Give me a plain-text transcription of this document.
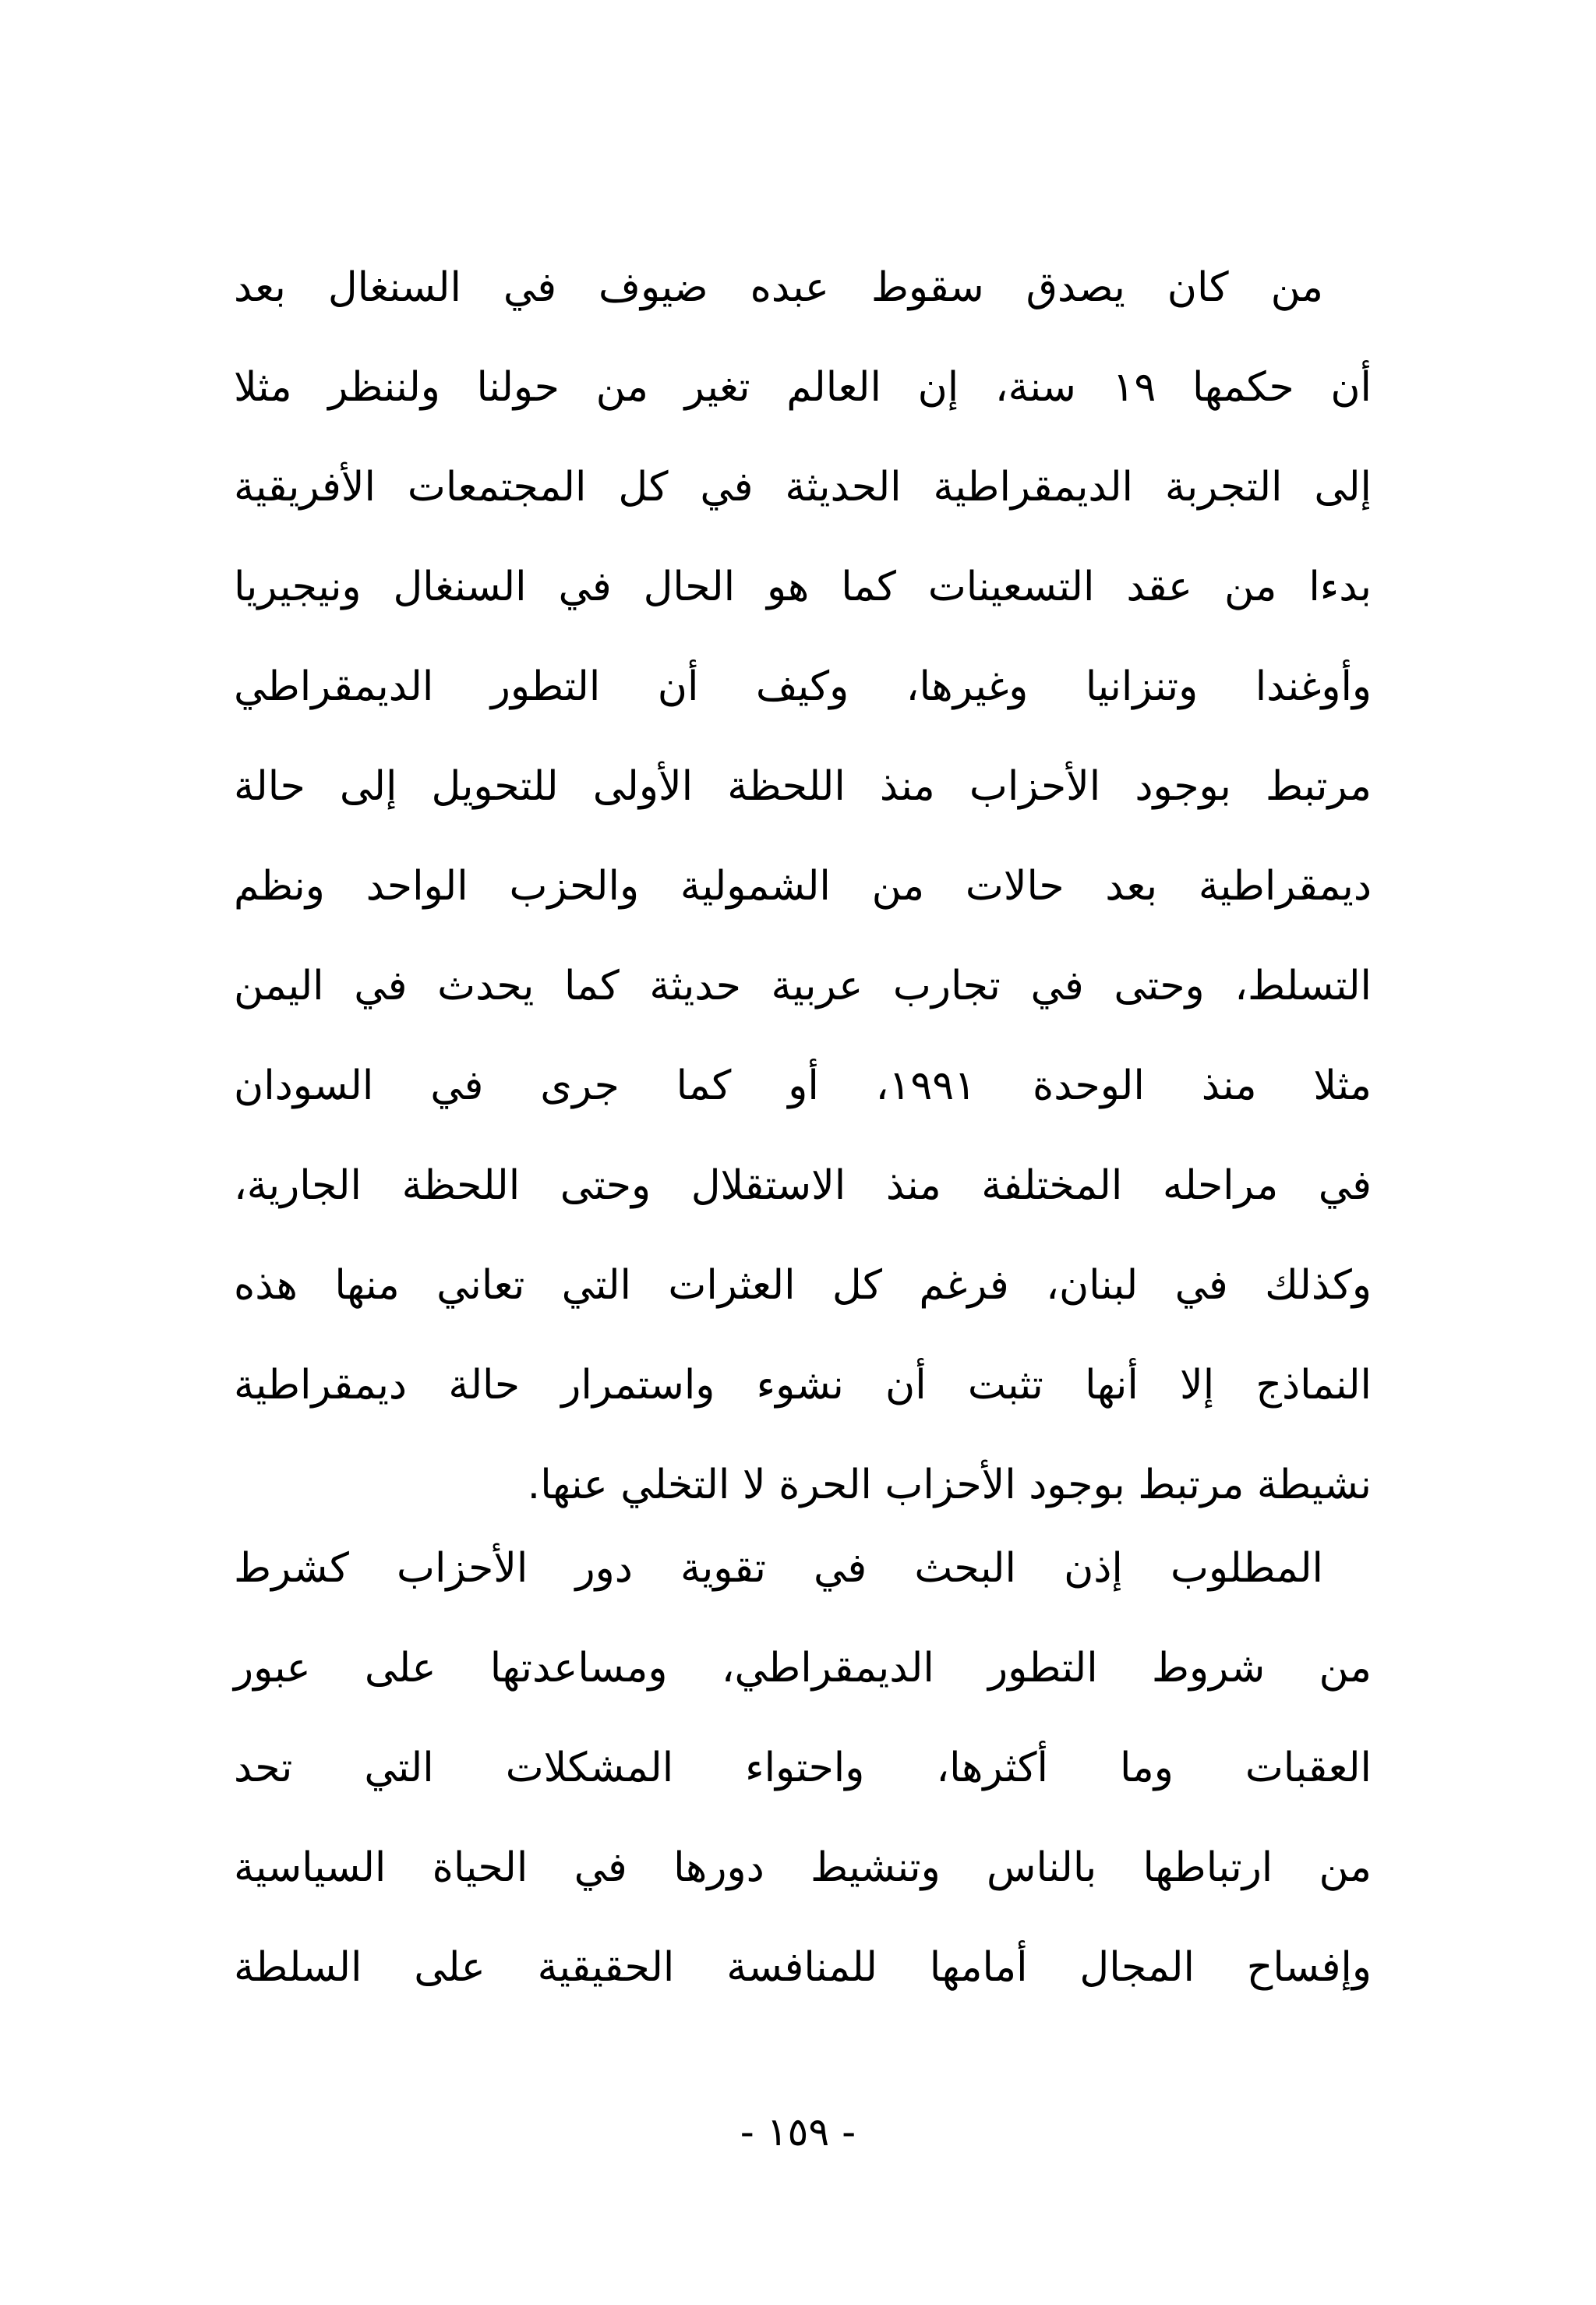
من كان يصدق سقوط عبده ضيوف في السنغال بعد
أن حكمها ١٩ سنة، إن العالم تغير من حولنا ولننظر مثلا
إلى التجربة الديمقراطية الحديثة في كل المجتمعات الأفريقية
بدءا من عقد التسعينات كما هو الحال في السنغال ونيجيريا
وأوغندا وتنزانيا وغيرها، وكيف أن التطور الديمقراطي
مرتبط بوجود الأحزاب منذ اللحظة الأولى للتحويل إلى حالة
ديمقراطية بعد حالات من الشمولية والحزب الواحد ونظم
التسلط، وحتى في تجارب عربية حديثة كما يحدث في اليمن
مثلا منذ الوحدة ١٩٩١، أو كما جرى في السودان
في مراحله المختلفة منذ الاستقلال وحتى اللحظة الجارية،
وكذلك في لبنان، فرغم كل العثرات التي تعاني منها هذه
النماذج إلا أنها تثبت أن نشوء واستمرار حالة ديمقراطية
نشيطة مرتبط بوجود الأحزاب الحرة لا التخلي عنها.
المطلوب إذن البحث في تقوية دور الأحزاب كشرط
من شروط التطور الديمقراطي، ومساعدتها على عبور
العقبات وما أكثرها، واحتواء المشكلات التي تحد
من ارتباطها بالناس وتنشيط دورها في الحياة السياسية
وإفساح المجال أمامها للمنافسة الحقيقية على السلطة
- ١٥٩ -
